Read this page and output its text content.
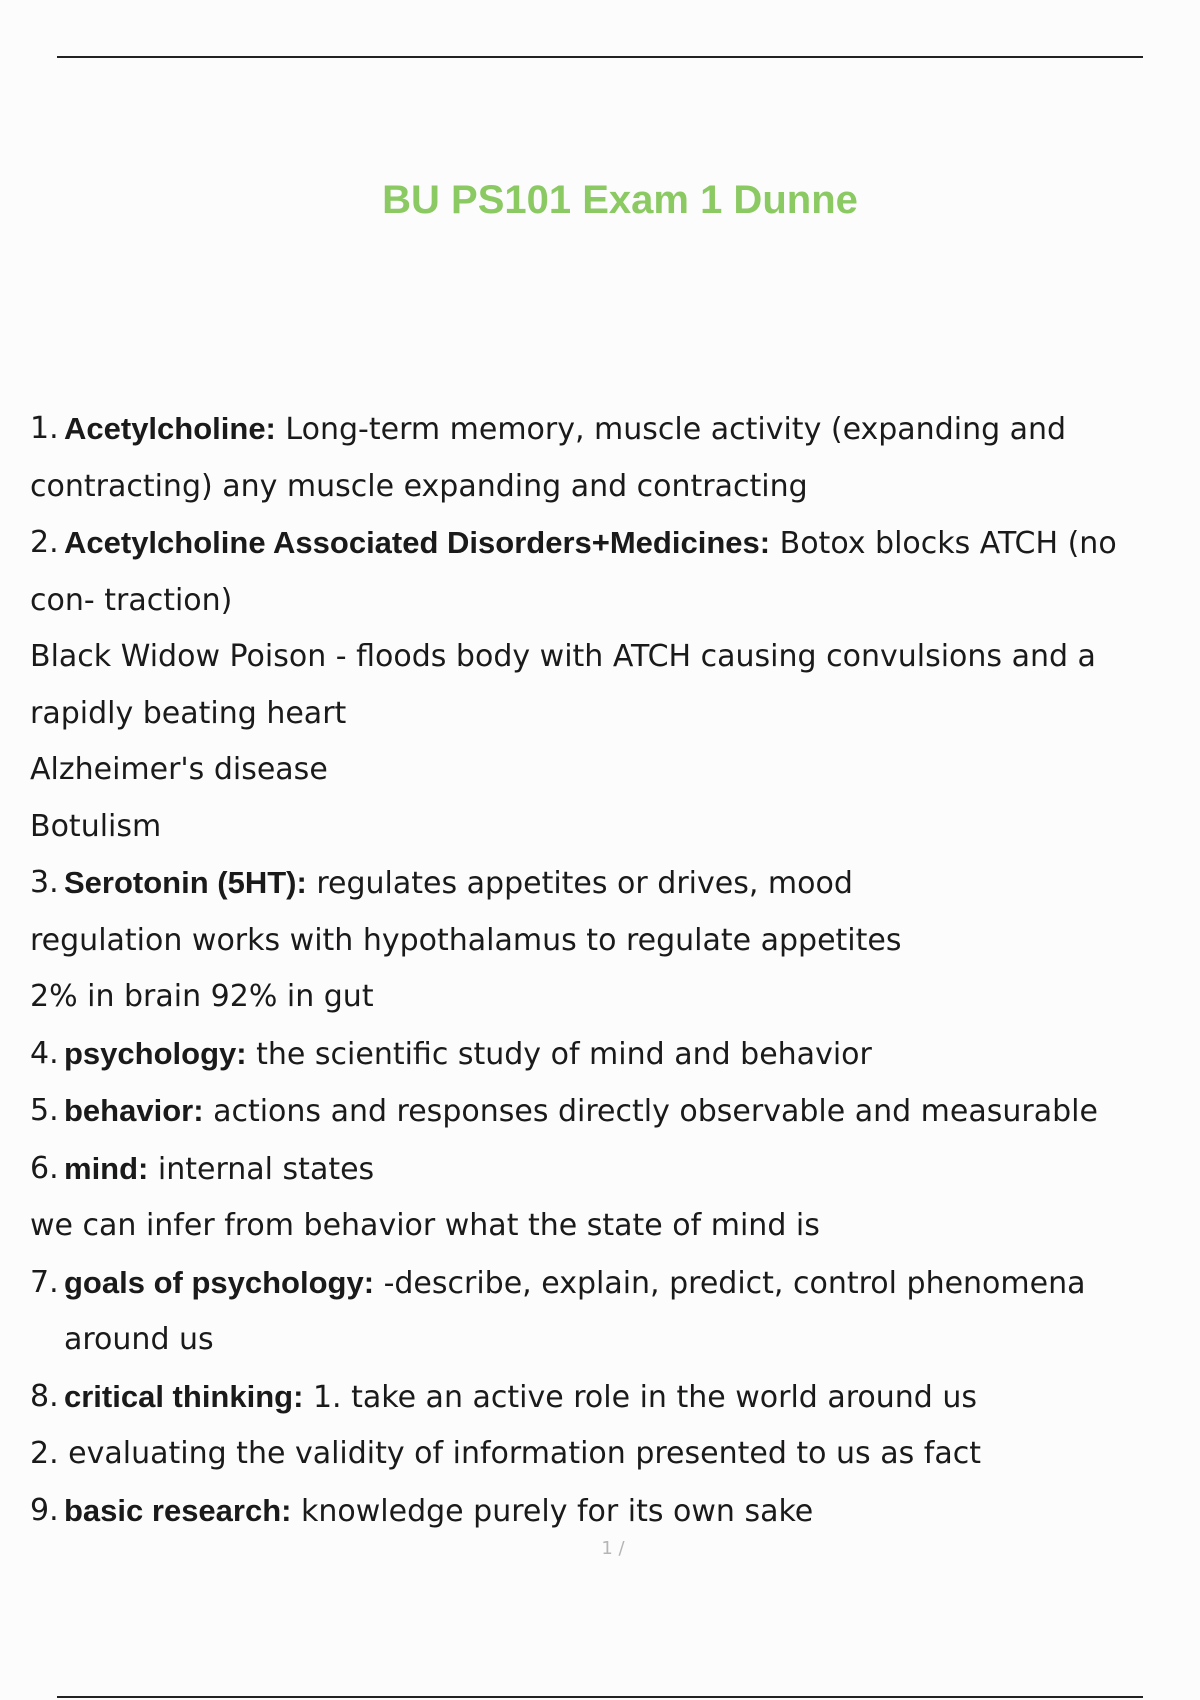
BU PS101 Exam 1 Dunne
1. Acetylcholine: Long-term memory, muscle activity (expanding and

contracting) any muscle expanding and contracting

2. Acetylcholine Associated Disorders+Medicines: Botox blocks ATCH (no

con- traction)

Black Widow Poison - floods body with ATCH causing convulsions and a

rapidly beating heart

Alzheimer's disease

Botulism

3. Serotonin (5HT): regulates appetites or drives, mood

regulation works with hypothalamus to regulate appetites

2% in brain 92% in gut

4. psychology: the scientific study of mind and behavior
5. behavior: actions and responses directly observable and measurable
6. mind: internal states

we can infer from behavior what the state of mind is

7. goals of psychology: -describe, explain, predict, control phenomena
around us
8. critical thinking: 1. take an active role in the world around us

2. evaluating the validity of information presented to us as fact

9. basic research: knowledge purely for its own sake
1 /
